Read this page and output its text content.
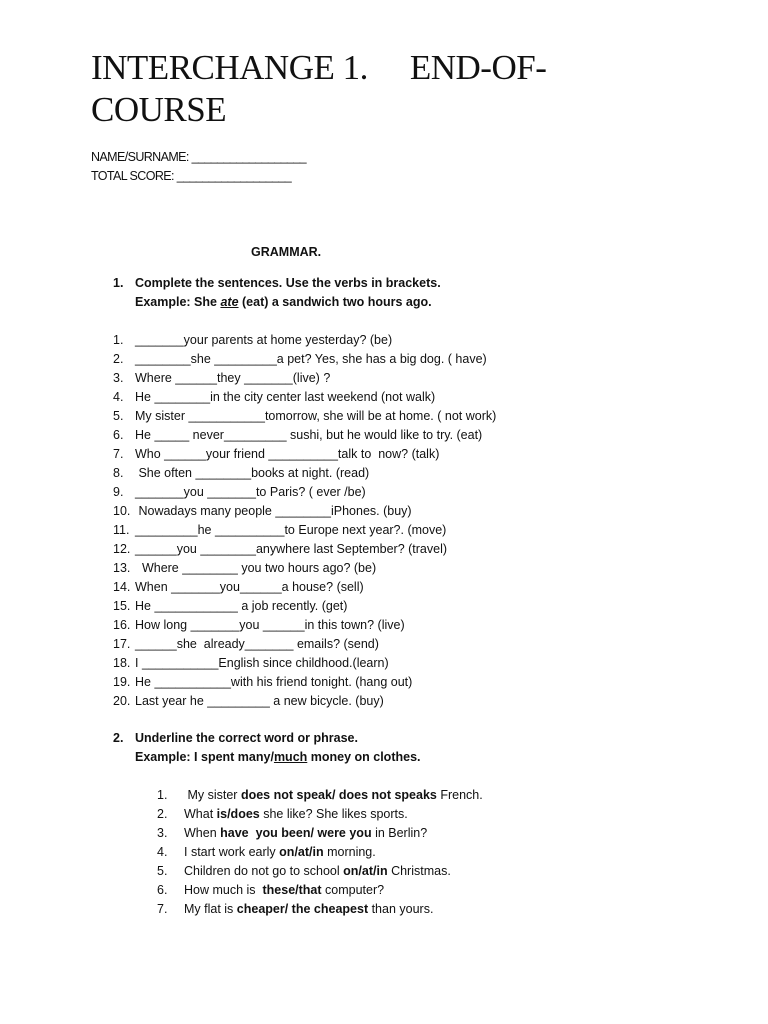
INTERCHANGE 1. END-OF-
COURSE
NAME/SURNAME: __________________
TOTAL SCORE: __________________
GRAMMAR.
1. Complete the sentences. Use the verbs in brackets.
Example: She ate (eat) a sandwich two hours ago.
1. _______your parents at home yesterday? (be)
2. ________she _________a pet? Yes, she has a big dog. ( have)
3. Where ______they _______(live) ?
4. He ________in the city center last weekend (not walk)
5. My sister ___________tomorrow, she will be at home. ( not work)
6. He _____ never_________ sushi, but he would like to try. (eat)
7. Who ______your friend __________talk to  now? (talk)
8. She often ________books at night. (read)
9. _______you _______to Paris? ( ever /be)
10. Nowadays many people ________iPhones. (buy)
11. _________he __________to Europe next year?. (move)
12. ______you ________anywhere last September? (travel)
13.  Where ________ you two hours ago? (be)
14. When _______you______a house? (sell)
15. He ____________ a job recently. (get)
16. How long _______you ______in this town? (live)
17. ______she  already_______ emails? (send)
18. I ___________English since childhood.(learn)
19. He ___________with his friend tonight. (hang out)
20. Last year he _________ a new bicycle. (buy)
2. Underline the correct word or phrase.
Example: I spent many/much money on clothes.
1. My sister does not speak/ does not speaks French.
2. What is/does she like? She likes sports.
3. When have  you been/ were you in Berlin?
4. I start work early on/at/in morning.
5. Children do not go to school on/at/in Christmas.
6. How much is  these/that computer?
7. My flat is cheaper/ the cheapest than yours.
